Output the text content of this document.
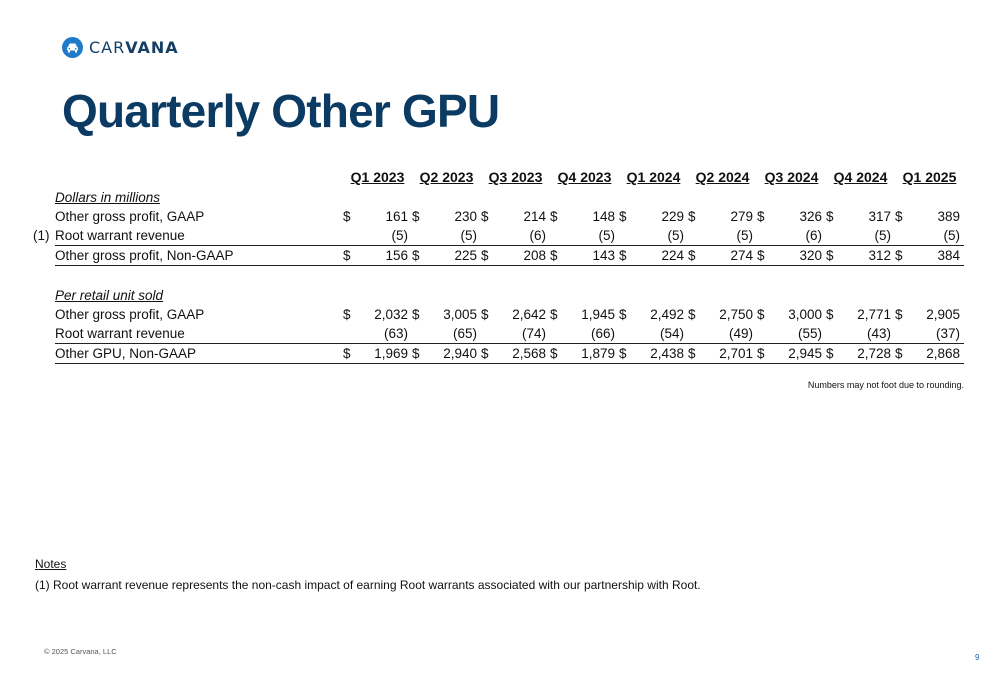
CARVANA
Quarterly Other GPU
		Q1 2023		Q2 2023		Q3 2023		Q4 2023		Q1 2024		Q2 2024		Q3 2024		Q4 2024		Q1 2025	
	Dollars in millions																		
	Other gross profit, GAAP	$	161	$	230	$	214	$	148	$	229	$	279	$	326	$	317	$	389
(1)	Root warrant revenue		(5)		(5)		(6)		(5)		(5)		(5)		(6)		(5)		(5)
	Other gross profit, Non-GAAP	$	156	$	225	$	208	$	143	$	224	$	274	$	320	$	312	$	384

	Per retail unit sold																		
	Other gross profit, GAAP	$	2,032	$	3,005	$	2,642	$	1,945	$	2,492	$	2,750	$	3,000	$	2,771	$	2,905
	Root warrant revenue		(63)		(65)		(74)		(66)		(54)		(49)		(55)		(43)		(37)
	Other GPU, Non-GAAP	$	1,969	$	2,940	$	2,568	$	1,879	$	2,438	$	2,701	$	2,945	$	2,728	$	2,868
Numbers may not foot due to rounding.
Notes
(1) Root warrant revenue represents the non-cash impact of earning Root warrants associated with our partnership with Root.
© 2025 Carvana, LLC
9
